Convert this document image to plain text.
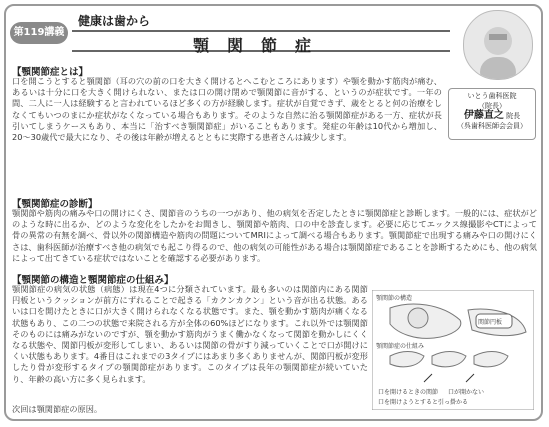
第119講義
健康は歯から
顎関節症
いとう歯科医院
（院長）
伊藤直之 院長
（呉歯科医師会会員）
【顎関節症とは】
口を開こうとすると顎関節（耳の穴の前の口を大きく開けるとへこむところにあります）や顎を動かす筋肉が痛む、あるいは十分に口を大きく開けられない、または口の開け閉めで顎関節に音がする、というのが症状です。一年の間、二人に一人は経験すると言われているほど多くの方が経験します。症状が自覚できず、歳をとると何の治療をしなくてもいつのまにか症状がなくなっている場合もあります。そのような自然に治る顎関節症がある一方、症状が長引いてしまうケースもあり、本当に「治すべき顎関節症」がいることもあります。発症の年齢は10代から増加し、20〜30歳代で最大になり、その後は年齢が増えるとともに実際する患者さんは減少します。
【顎関節症の診断】
顎関節や筋肉の痛みや口の開けにくさ、関節音のうちの一つがあり、他の病気を否定したときに顎関節症と診断します。一般的には、症状がどのような時に出るか、どのような変化をしたかをお聞きし、顎関節や筋肉、口の中を診査します。必要に応じてエックス線撮影やCTによって骨の異常の有無を調べ、骨以外の関節構造や筋肉の問題についてMRIによって調べる場合もあります。顎関節症で出現する痛みや口の開けにくさは、歯科医師が治療すべき他の病気でも起こり得るので、他の病気の可能性がある場合は顎関節症であることを診断するためにも、他の病気によって出てきている症状ではないことを確認する必要があります。
【顎関節の構造と顎関節症の仕組み】
顎関節症の病気の状態（病態）は現在4つに分類されています。最も多いのは関節内にある関節円板というクッションが前方にずれることで起きる「カクンカクン」という音が出る状態。あるいは口を開けたときに口が大きく開けられなくなる状態です。また、顎を動かす筋肉が痛くなる状態もあり、この二つの状態で来院される方が全体の60%ほどになります。これ以外では顎関節そのものには痛みがないのですが、顎を動かす筋肉がうまく働かなくなって関節を動かしにくくなる状態や、関節円板が変形してしまい、あるいは関節の骨がすり減っていくことで口が開けにくい状態もあります。4番目はこれまでの3タイプにはあまり多くありませんが、関節円板が変形したり骨が変形するタイプの顎関節症があります。このタイプは長年の顎関節症が続いていたり、年齢の高い方に多く見られます。
次回は顎関節症の原因。
顎関節の構造
顎関節症の仕組み
関節円板
口を開けるときの関節 口が開かない
口を開けようとすると引っ掛かる
